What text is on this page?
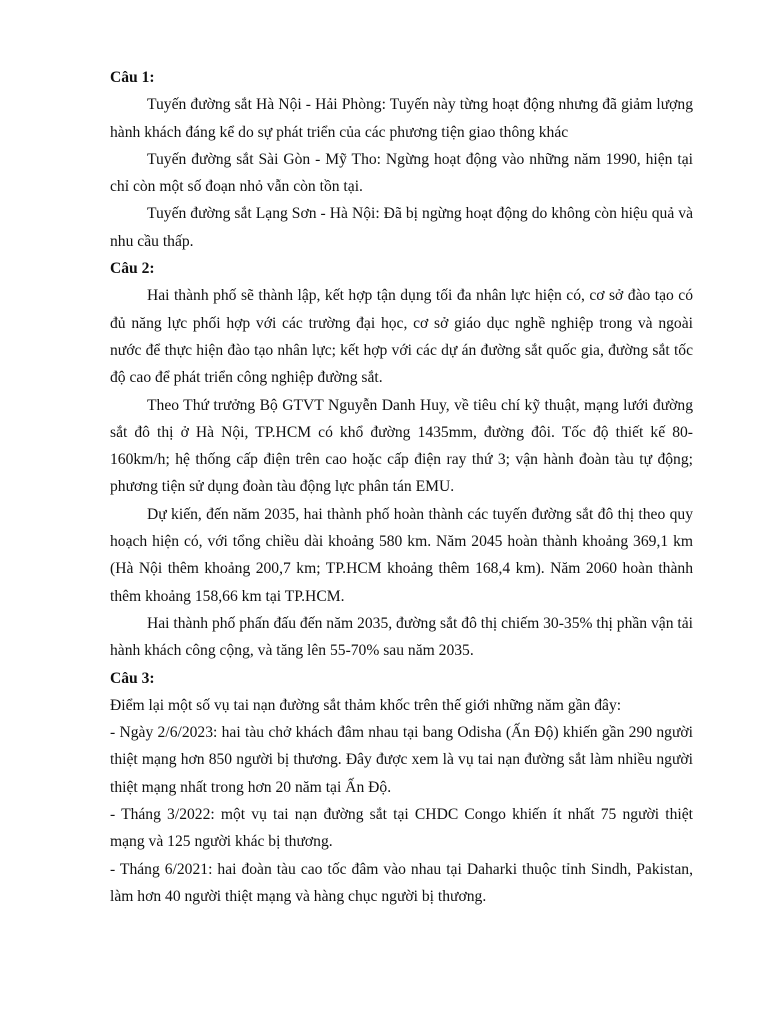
Câu 1:

Tuyến đường sắt Hà Nội - Hải Phòng: Tuyến này từng hoạt động nhưng đã giảm lượng hành khách đáng kể do sự phát triển của các phương tiện giao thông khác

Tuyến đường sắt Sài Gòn - Mỹ Tho: Ngừng hoạt động vào những năm 1990, hiện tại chỉ còn một số đoạn nhỏ vẫn còn tồn tại.

Tuyến đường sắt Lạng Sơn - Hà Nội: Đã bị ngừng hoạt động do không còn hiệu quả và nhu cầu thấp.

Câu 2:

Hai thành phố sẽ thành lập, kết hợp tận dụng tối đa nhân lực hiện có, cơ sở đào tạo có đủ năng lực phối hợp với các trường đại học, cơ sở giáo dục nghề nghiệp trong và ngoài nước để thực hiện đào tạo nhân lực; kết hợp với các dự án đường sắt quốc gia, đường sắt tốc độ cao để phát triển công nghiệp đường sắt.

Theo Thứ trưởng Bộ GTVT Nguyễn Danh Huy, về tiêu chí kỹ thuật, mạng lưới đường sắt đô thị ở Hà Nội, TP.HCM có khổ đường 1435mm, đường đôi. Tốc độ thiết kế 80-160km/h; hệ thống cấp điện trên cao hoặc cấp điện ray thứ 3; vận hành đoàn tàu tự động; phương tiện sử dụng đoàn tàu động lực phân tán EMU.

Dự kiến, đến năm 2035, hai thành phố hoàn thành các tuyến đường sắt đô thị theo quy hoạch hiện có, với tổng chiều dài khoảng 580 km. Năm 2045 hoàn thành khoảng 369,1 km (Hà Nội thêm khoảng 200,7 km; TP.HCM khoảng thêm 168,4 km). Năm 2060 hoàn thành thêm khoảng 158,66 km tại TP.HCM.

Hai thành phố phấn đấu đến năm 2035, đường sắt đô thị chiếm 30-35% thị phần vận tải hành khách công cộng, và tăng lên 55-70% sau năm 2035.

Câu 3:

Điểm lại một số vụ tai nạn đường sắt thảm khốc trên thế giới những năm gần đây:

- Ngày 2/6/2023: hai tàu chở khách đâm nhau tại bang Odisha (Ấn Độ) khiến gần 290 người thiệt mạng hơn 850 người bị thương. Đây được xem là vụ tai nạn đường sắt làm nhiều người thiệt mạng nhất trong hơn 20 năm tại Ấn Độ.

- Tháng 3/2022: một vụ tai nạn đường sắt tại CHDC Congo khiến ít nhất 75 người thiệt mạng và 125 người khác bị thương.

- Tháng 6/2021: hai đoàn tàu cao tốc đâm vào nhau tại Daharki thuộc tỉnh Sindh, Pakistan, làm hơn 40 người thiệt mạng và hàng chục người bị thương.
